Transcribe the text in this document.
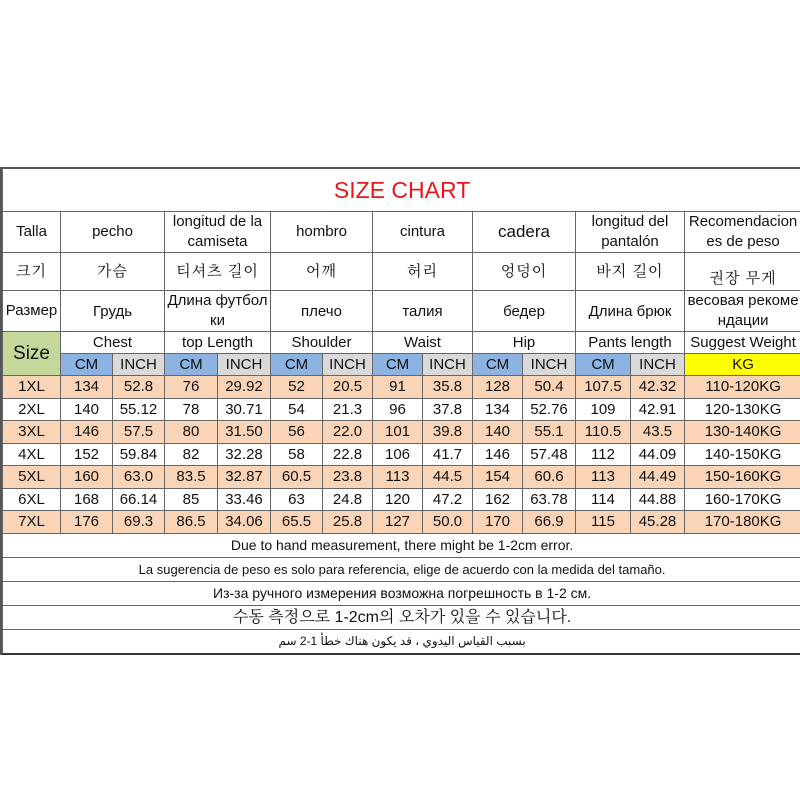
SIZE CHART													
Talla	pecho		longitud de la camiseta		hombro		cintura		cadera		longitud del pantalón		Recomendaciones de peso
크기	가슴		티셔츠 길이		어깨		허리		엉덩이		바지 길이		권장 무게
Размер	Грудь		Длина футболки		плечо		талия		бедер		Длина брюк		весовая рекомендации
Size	Chest		top Length		Shoulder		Waist		Hip		Pants length		Suggest Weight
	CM	INCH	CM	INCH	CM	INCH	CM	INCH	CM	INCH	CM	INCH	KG
1XL	134	52.8	76	29.92	52	20.5	91	35.8	128	50.4	107.5	42.32	110-120KG
2XL	140	55.12	78	30.71	54	21.3	96	37.8	134	52.76	109	42.91	120-130KG
3XL	146	57.5	80	31.50	56	22.0	101	39.8	140	55.1	110.5	43.5	130-140KG
4XL	152	59.84	82	32.28	58	22.8	106	41.7	146	57.48	112	44.09	140-150KG
5XL	160	63.0	83.5	32.87	60.5	23.8	113	44.5	154	60.6	113	44.49	150-160KG
6XL	168	66.14	85	33.46	63	24.8	120	47.2	162	63.78	114	44.88	160-170KG
7XL	176	69.3	86.5	34.06	65.5	25.8	127	50.0	170	66.9	115	45.28	170-180KG
Due to hand measurement, there might be 1-2cm error.													
La sugerencia de peso es solo para referencia, elige de acuerdo con la medida del tamaño.													
Из-за ручного измерения возможна погрешность в 1-2 см.													
수동 측정으로 1-2cm의 오차가 있을 수 있습니다.													
بسبب القياس اليدوي ، قد يكون هناك خطأ 1-2 سم													
